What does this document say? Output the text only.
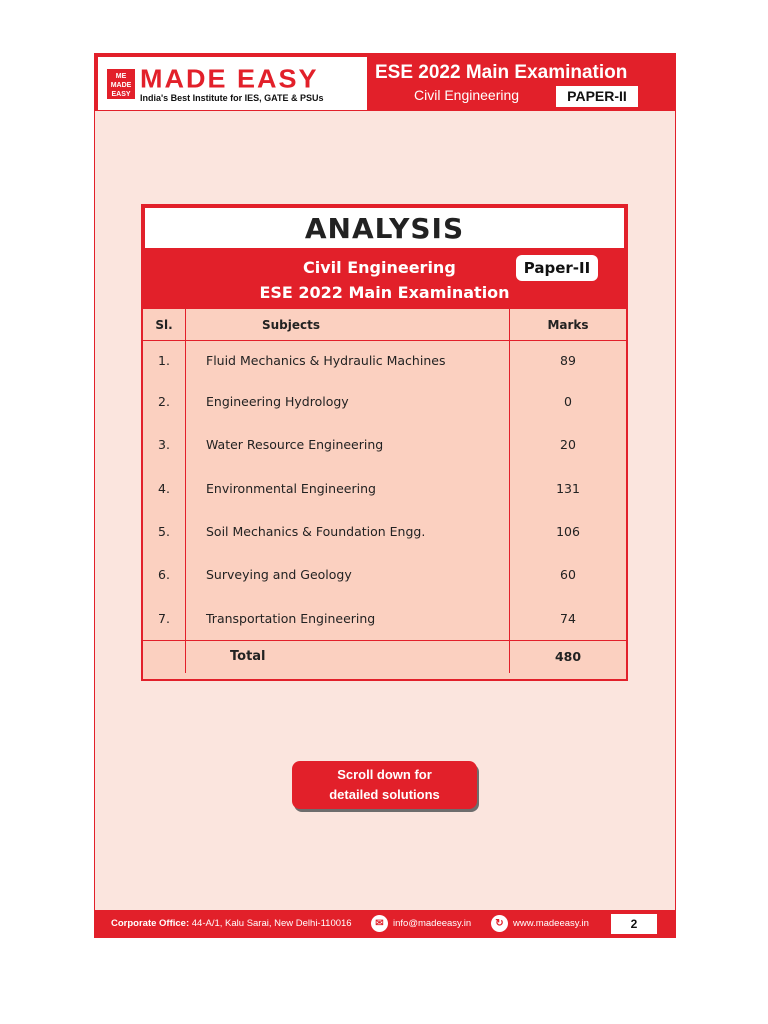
ME
MADE
EASY
MADE EASY
India's Best Institute for IES, GATE & PSUs
ESE 2022 Main Examination
Civil Engineering	PAPER-II
ANALYSIS
Civil Engineering
ESE 2022 Main Examination
Paper-II
Sl.	Subjects	Marks
1.	Fluid Mechanics & Hydraulic Machines	89
2.	Engineering Hydrology	0
3.	Water Resource Engineering	20
4.	Environmental Engineering	131
5.	Soil Mechanics & Foundation Engg.	106
6.	Surveying and Geology	60
7.	Transportation Engineering	74
	Total	480
Scroll down for
detailed solutions
Corporate Office: 44-A/1, Kalu Sarai, New Delhi-110016	✉ info@madeeasy.in	↻ www.madeeasy.in	2
